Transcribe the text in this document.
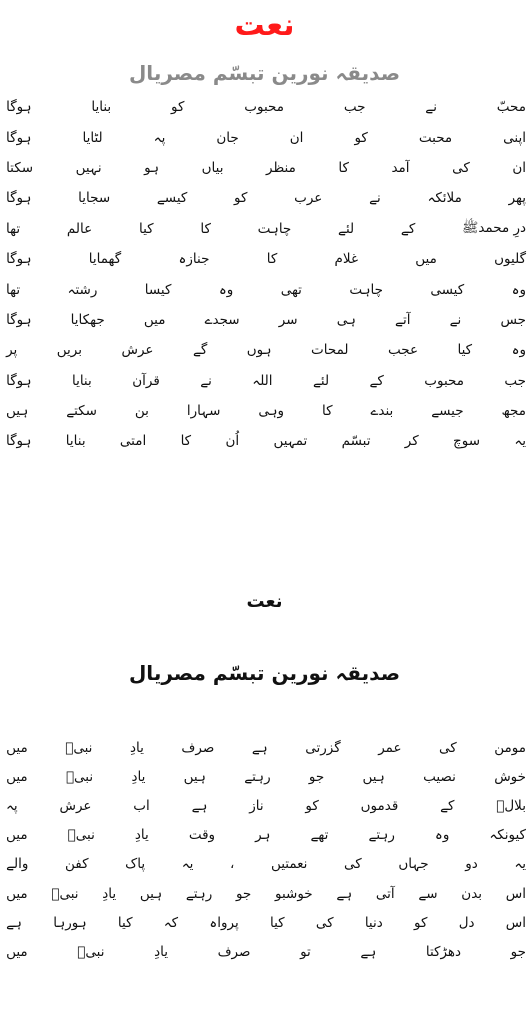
نعت
صدیقہ نورین تبسّم مصریال
محبّ
نے
جب
محبوب
کو
بنایا
ہوگا
اپنی
محبت
کو
ان
جان
پہ
لٹایا
ہوگا
ان
کی
آمد
کا
منظر
بیاں
ہو
نہیں
سکتا
پھر
ملائکہ
نے
عرب
کو
کیسے
سجایا
ہوگا
درِ محمدﷺ
کے
لئے
چاہت
کا
کیا
عالم
تھا
گلیوں
میں
غلام
کا
جنازہ
گھمایا
ہوگا
وہ
کیسی
چاہت
تھی
وہ
کیسا
رشتہ
تھا
جس
نے
آتے
ہی
سر
سجدے
میں
جھکایا
ہوگا
وہ
کیا
عجب
لمحات
ہوں
گے
عرش
بریں
پر
جب
محبوب
کے
لئے
اللہ
نے
قرآن
بنایا
ہوگا
مجھ
جیسے
بندے
کا
وہی
سہارا
بن
سکتے
ہیں
یہ
سوچ
کر
تبسّم
تمہیں
اُن
کا
امتی
بنایا
ہوگا
نعت
صدیقہ نورین تبسّم مصریال
مومن
کی
عمر
گزرتی
ہے
صرف
یادِ
نبیؐ
میں
خوش
نصیب
ہیں
جو
رہتے
ہیں
یادِ
نبیؐ
میں
بلالؓ
کے
قدموں
کو
ناز
ہے
اب
عرش
پہ
کیونکہ
وہ
رہتے
تھے
ہر
وقت
یادِ
نبیؐ
میں
یہ
دو
جہاں
کی
نعمتیں
،
یہ
پاک
کفن
والے
اس
بدن
سے
آتی
ہے
خوشبو
جو
رہتے
ہیں
یادِ
نبیؐ
میں
اس
دل
کو
دنیا
کی
کیا
پرواہ
کہ
کیا
ہورہا
ہے
جو
دھڑکتا
ہے
تو
صرف
یادِ
نبیؐ
میں
